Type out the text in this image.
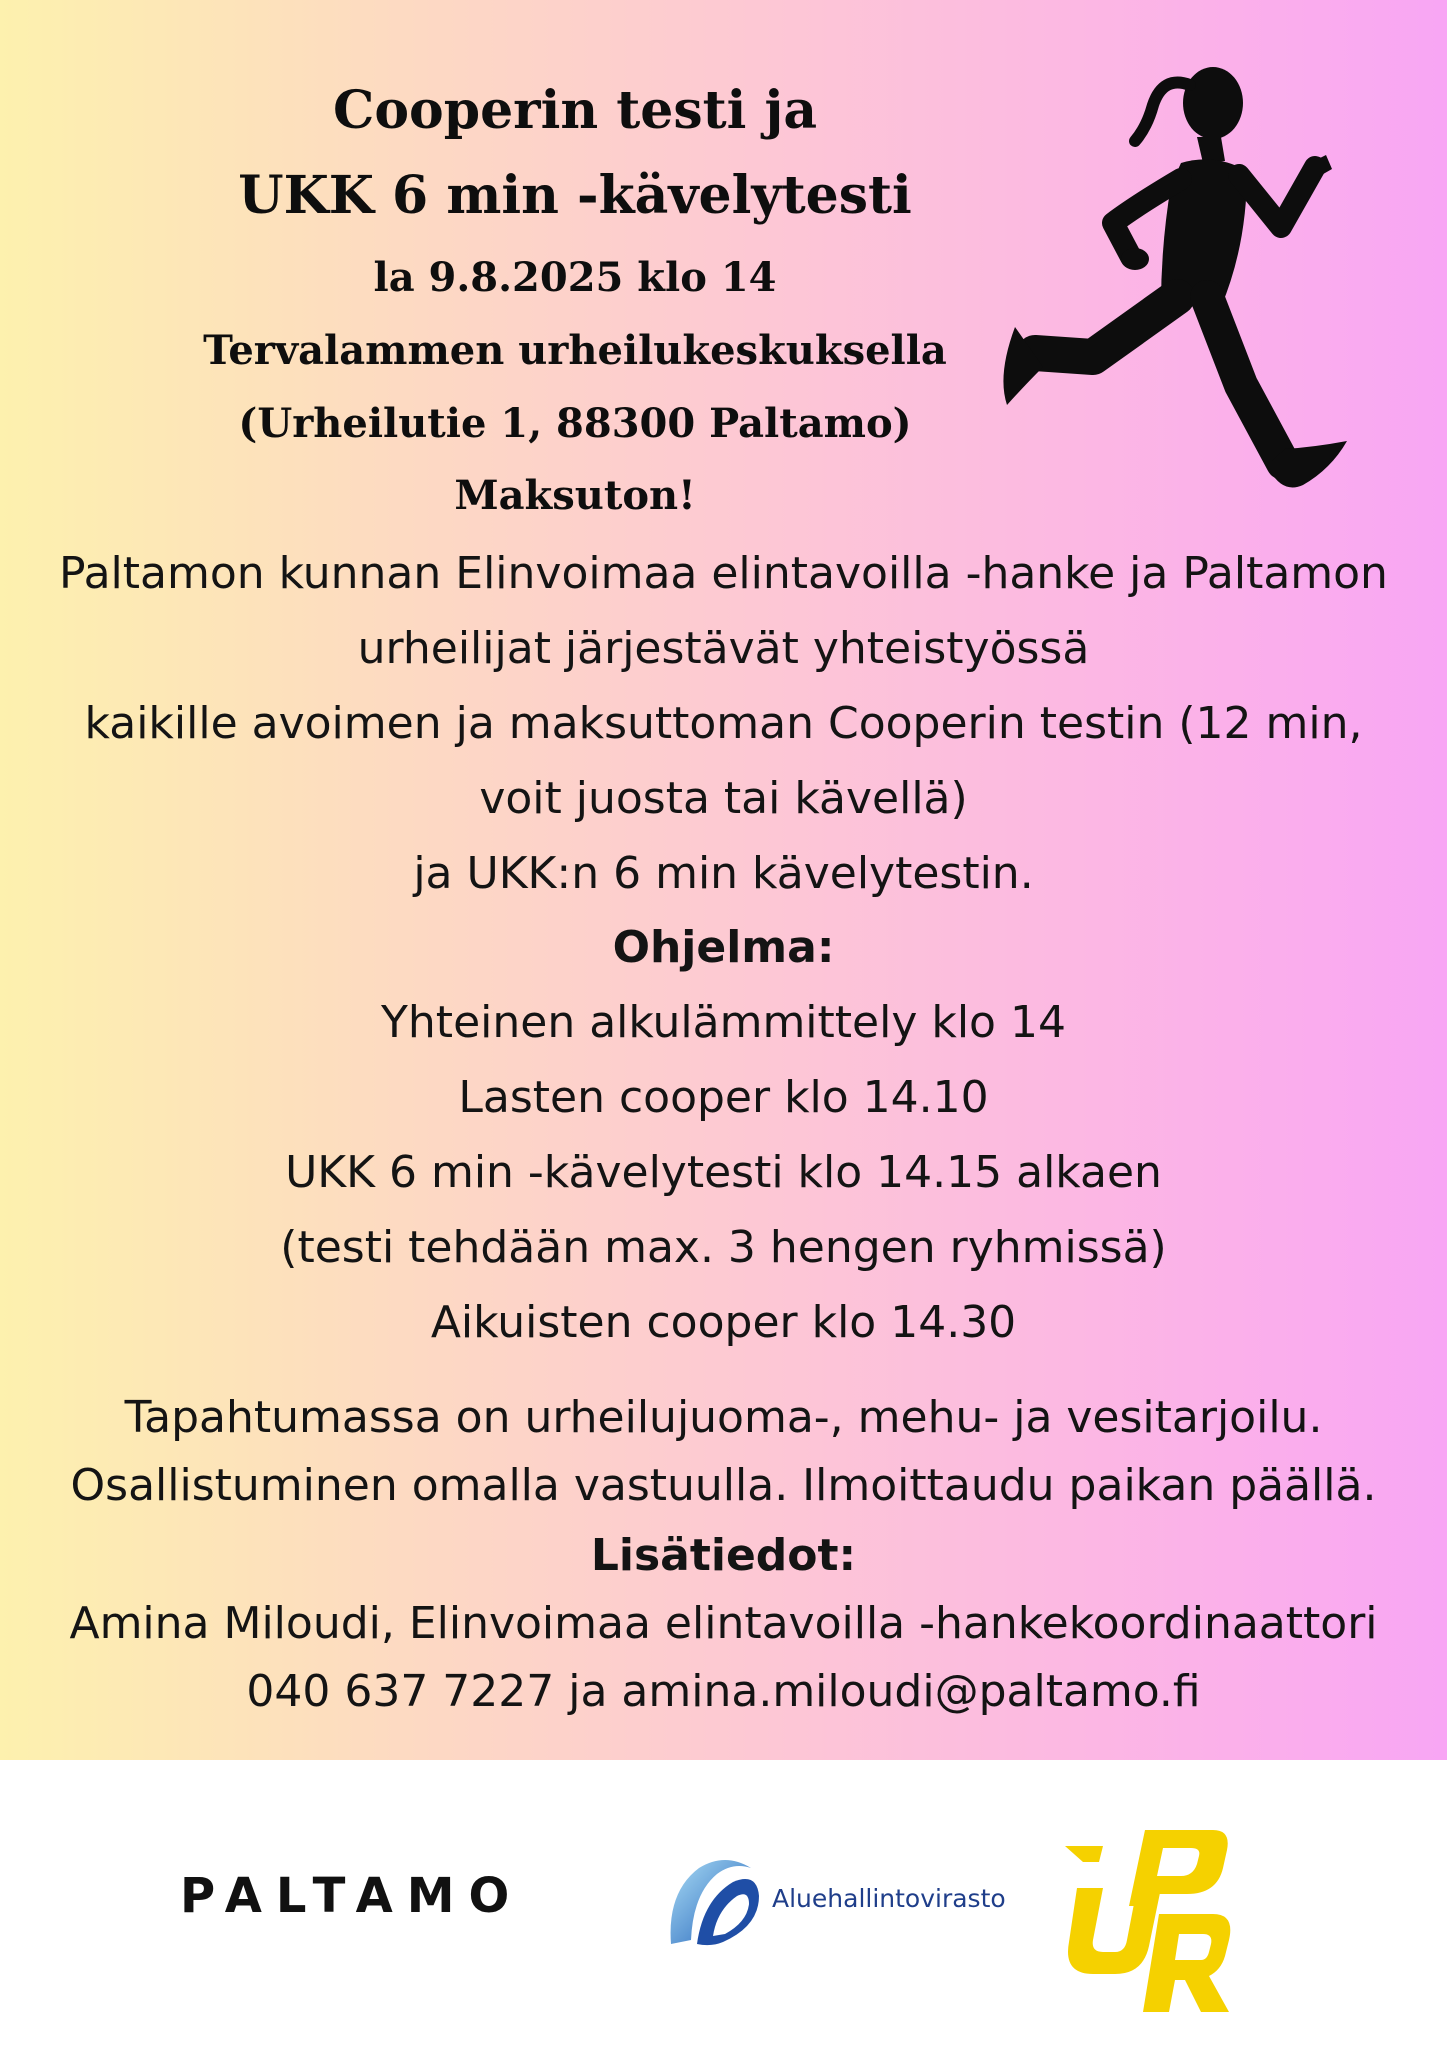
Cooperin testi ja
UKK 6 min -kävelytesti
la 9.8.2025 klo 14
Tervalammen urheilukeskuksella
(Urheilutie 1, 88300 Paltamo)
Maksuton!
Paltamon kunnan Elinvoimaa elintavoilla -hanke ja Paltamon
urheilijat järjestävät yhteistyössä
kaikille avoimen ja maksuttoman Cooperin testin (12 min,
voit juosta tai kävellä)
ja UKK:n 6 min kävelytestin.
Ohjelma:
Yhteinen alkulämmittely klo 14
Lasten cooper klo 14.10
UKK 6 min -kävelytesti klo 14.15 alkaen
(testi tehdään max. 3 hengen ryhmissä)
Aikuisten cooper klo 14.30
Tapahtumassa on urheilujuoma-, mehu- ja vesitarjoilu.
Osallistuminen omalla vastuulla. Ilmoittaudu paikan päällä.
Lisätiedot:
Amina Miloudi, Elinvoimaa elintavoilla -hankekoordinaattori
040 637 7227 ja amina.miloudi@paltamo.fi
PALTAMO	Aluehallintovirasto
